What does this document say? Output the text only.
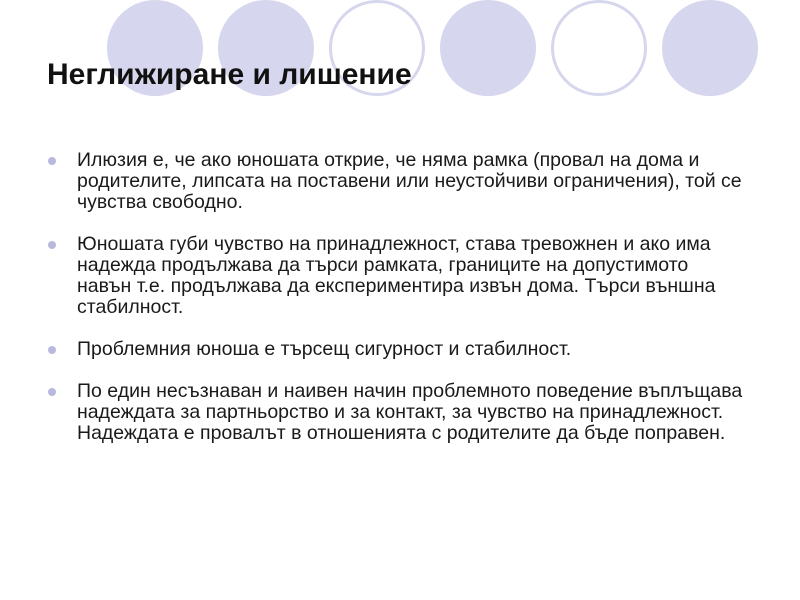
Неглижиране и лишение
Илюзия е, че ако юношата открие, че няма рамка (провал на дома и родителите, липсата на поставени или неустойчиви ограничения), той се чувства свободно.
Юношата губи чувство на принадлежност, става тревожнен и ако има надежда продължава да търси рамката, границите на допустимото навън т.е. продължава да експериментира извън дома. Търси външна стабилност.
Проблемния юноша е търсещ сигурност и стабилност.
По един несъзнаван и наивен начин проблемното поведение въплъщава надеждата за партньорство и за контакт, за чувство на принадлежност. Надеждата е провалът в отношенията с родителите да бъде поправен.
